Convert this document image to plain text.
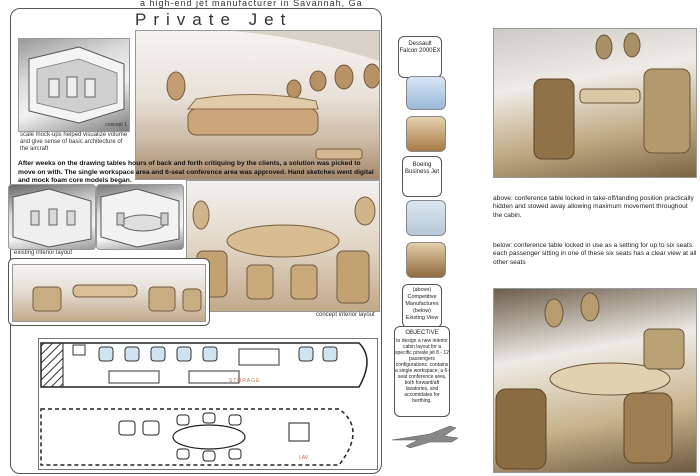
a high-end jet manufacturer in Savannah, Ga
Private Jet
concept 1
scale mock-ups helped visualize volume and give sense of basic architecture of the aircraft
After weeks on the drawing tables hours of back and forth critiquing by the clients, a solution was picked to move on with. The single workspace area and 6-seat conference area was approved. Hand sketches went digital and mock foam core models began.
existing interior layout
concept interior layout
STORAGE
LAV
Dessault Falcon 2000EX
Boeing Business Jet
(above) Competitive Manufactures (below) Existing View
OBJECTIVE
to design a new interior cabin layout for a specific private jet 8 - 12 passengers configurations. contains a single workspace, a 6-seat conference area, both forward/aft lavatories, and accomidates for berthing.
above: conference table locked in take-off/landing position practically hidden and stowed away allowing maximum movement throughout the cabin.
below: conference table locked in use as a setting for up to six seats. each passenger sitting in one of these six seats has a clear view at all other seats
